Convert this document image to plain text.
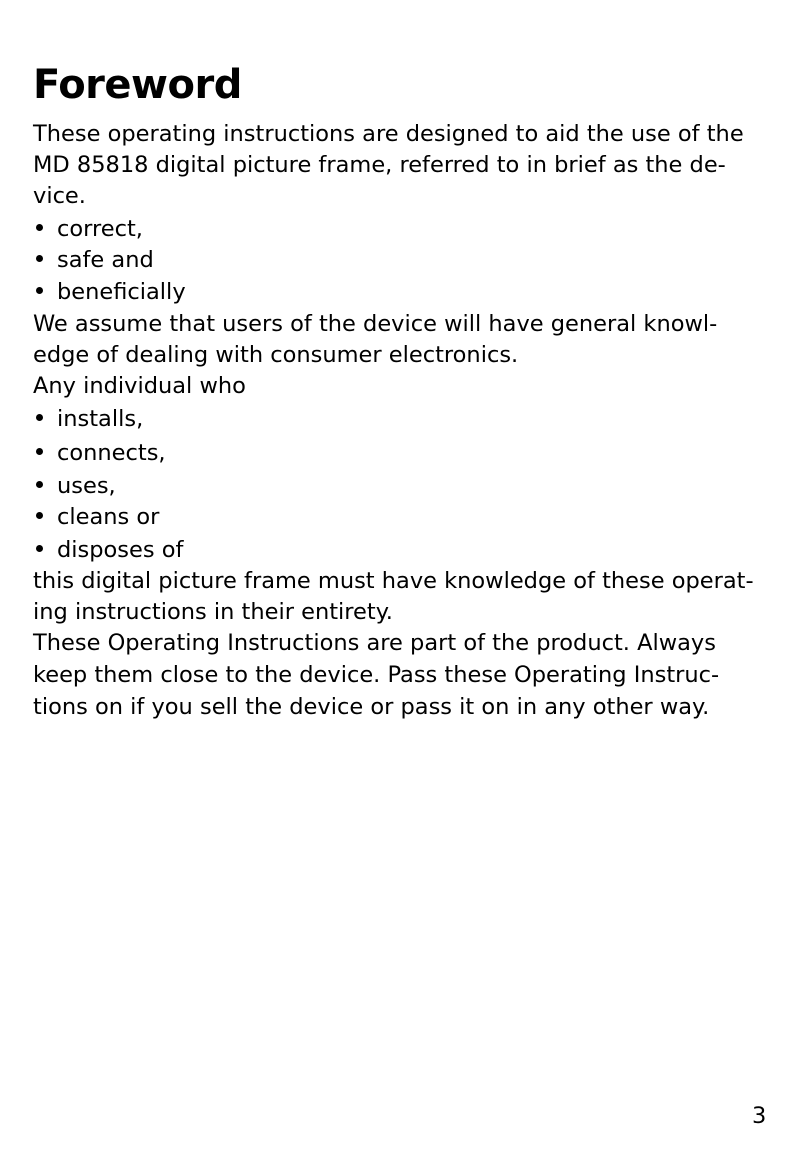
Foreword
These operating instructions are designed to aid the use of the
MD 85818 digital picture frame, referred to in brief as the de-
vice.
correct,
safe and
beneficially
We assume that users of the device will have general knowl-
edge of dealing with consumer electronics.
Any individual who
installs,
connects,
uses,
cleans or
disposes of
this digital picture frame must have knowledge of these operat-
ing instructions in their entirety.
These Operating Instructions are part of the product. Always
keep them close to the device. Pass these Operating Instruc-
tions on if you sell the device or pass it on in any other way.
3
